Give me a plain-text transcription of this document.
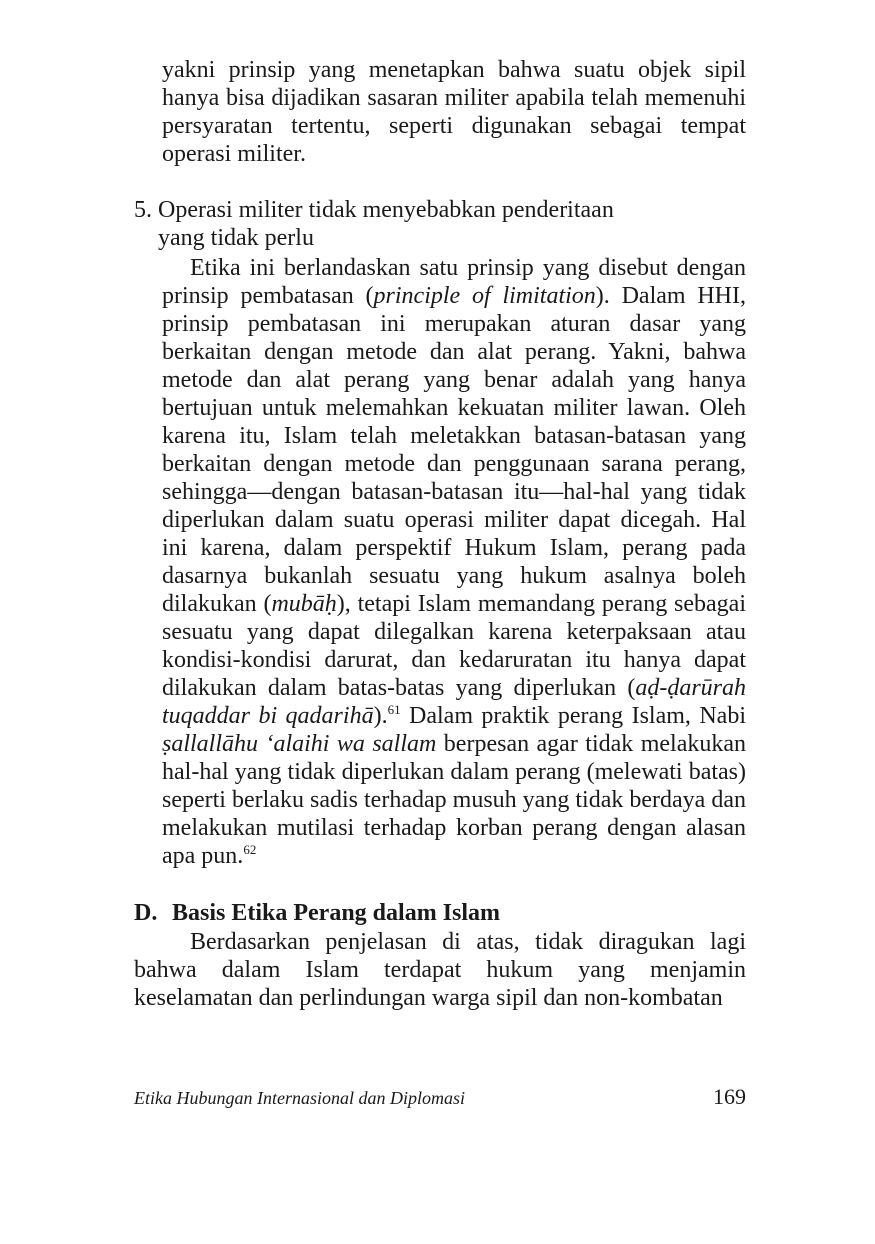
yakni prinsip yang menetapkan bahwa suatu objek sipil hanya bisa dijadikan sasaran militer apabila telah memenuhi persyaratan tertentu, seperti digunakan sebagai tempat operasi militer.

5. Operasi militer tidak menyebabkan penderitaan
yang tidak perlu

Etika ini berlandaskan satu prinsip yang disebut dengan prinsip pembatasan (principle of limitation). Dalam HHI, prinsip pembatasan ini merupakan aturan dasar yang berkaitan dengan metode dan alat perang. Yakni, bahwa metode dan alat perang yang benar adalah yang hanya bertujuan untuk melemahkan kekuatan militer lawan. Oleh karena itu, Islam telah meletakkan batasan-batasan yang berkaitan dengan metode dan penggunaan sarana perang, sehingga—dengan batasan-batasan itu—hal-hal yang tidak diperlukan dalam suatu operasi militer dapat dicegah. Hal ini karena, dalam perspektif Hukum Islam, perang pada dasarnya bukanlah sesuatu yang hukum asalnya boleh dilakukan (mubāḥ), tetapi Islam memandang perang sebagai sesuatu yang dapat dilegalkan karena keterpaksaan atau kondisi-kondisi darurat, dan kedaruratan itu hanya dapat dilakukan dalam batas-batas yang diperlukan (aḍ-ḍarūrah tuqaddar bi qadarihā).$^{61}$ Dalam praktik perang Islam, Nabi ṣallallāhu ‘alaihi wa sallam berpesan agar tidak melakukan hal-hal yang tidak diperlukan dalam perang (melewati batas) seperti berlaku sadis terhadap musuh yang tidak berdaya dan melakukan mutilasi terhadap korban perang dengan alasan apa pun.$^{62}$

D. Basis Etika Perang dalam Islam

Berdasarkan penjelasan di atas, tidak diragukan lagi bahwa dalam Islam terdapat hukum yang menjamin keselamatan dan perlindungan warga sipil dan non-kombatan

Etika Hubungan Internasional dan Diplomasi	169
